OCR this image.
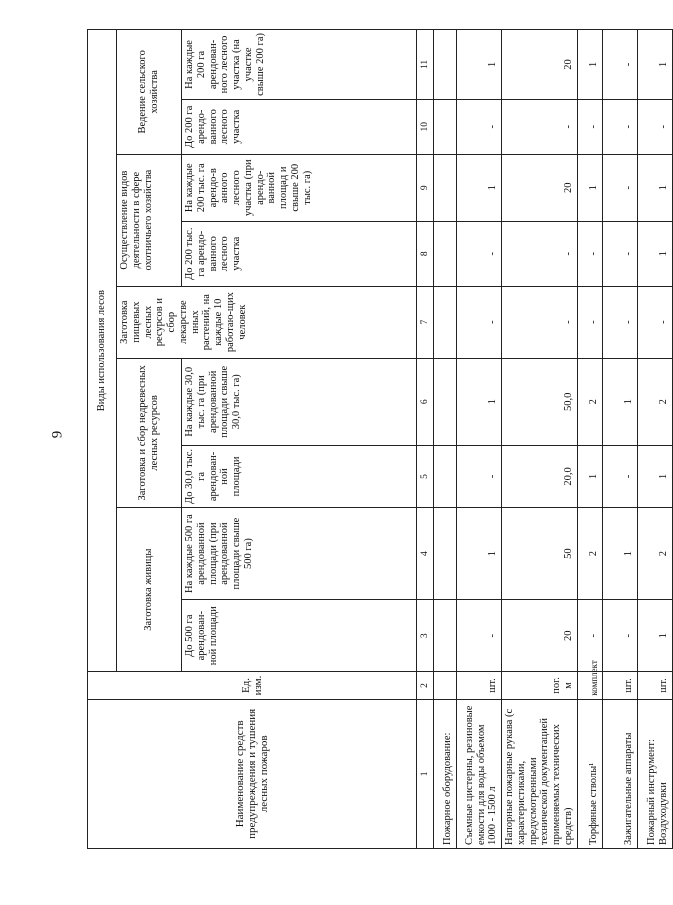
9
Наименование средств предупреждения и тушения лесных пожаров	Ед. изм.	Виды использования лесов								
		Заготовка живицы		Заготовка и сбор недревесных лесных ресурсов		Заготовка пищевых лесных ресурсов и сбор лекарстве нных растений, на каждые 10 работаю-щих человек	Осуществление видов деятельности в сфере охотничьего хозяйства		Ведение сельского хозяйства	
		До 500 га арендован-ной площади	На каждые 500 га арендованной площади (при арендованной площади свыше 500 га)	До 30,0 тыс. га арендован-ной площади	На каждые 30,0 тыс. га (при арендованной площади свыше 30,0 тыс. га)		До 200 тыс. га арендо-ванного лесного участка	На каждые 200 тыс. га арендо-в анного лесного участка (при арендо-ванной площад и свыше 200 тыс. га)	До 200 га арендо-ванного лесного участка	На каждые 200 га арендован-ного лесного участка (на участке свыше 200 га)
1	2	3	4	5	6	7	8	9	10	11
Пожарное оборудование:										
Съемные цистерны, резиновые емкости для воды объемом 1000 - 1500 л	шт.	-	1	-	1	-	-	1	-	1
Напорные пожарные рукава (с характеристиками, предусмотренными технической документацией применяемых технических средств)	пог. м	20	50	20,0	50,0	-	-	20	-	20
Торфяные стволы¹	комплект	-	2	1	2	-	-	1	-	1
Зажигательные аппараты	шт.	-	1	-	1	-	-	-	-	-
Пожарный инструмент: Воздуходувки	шт.	1	2	1	2	-	1	1	-	1
